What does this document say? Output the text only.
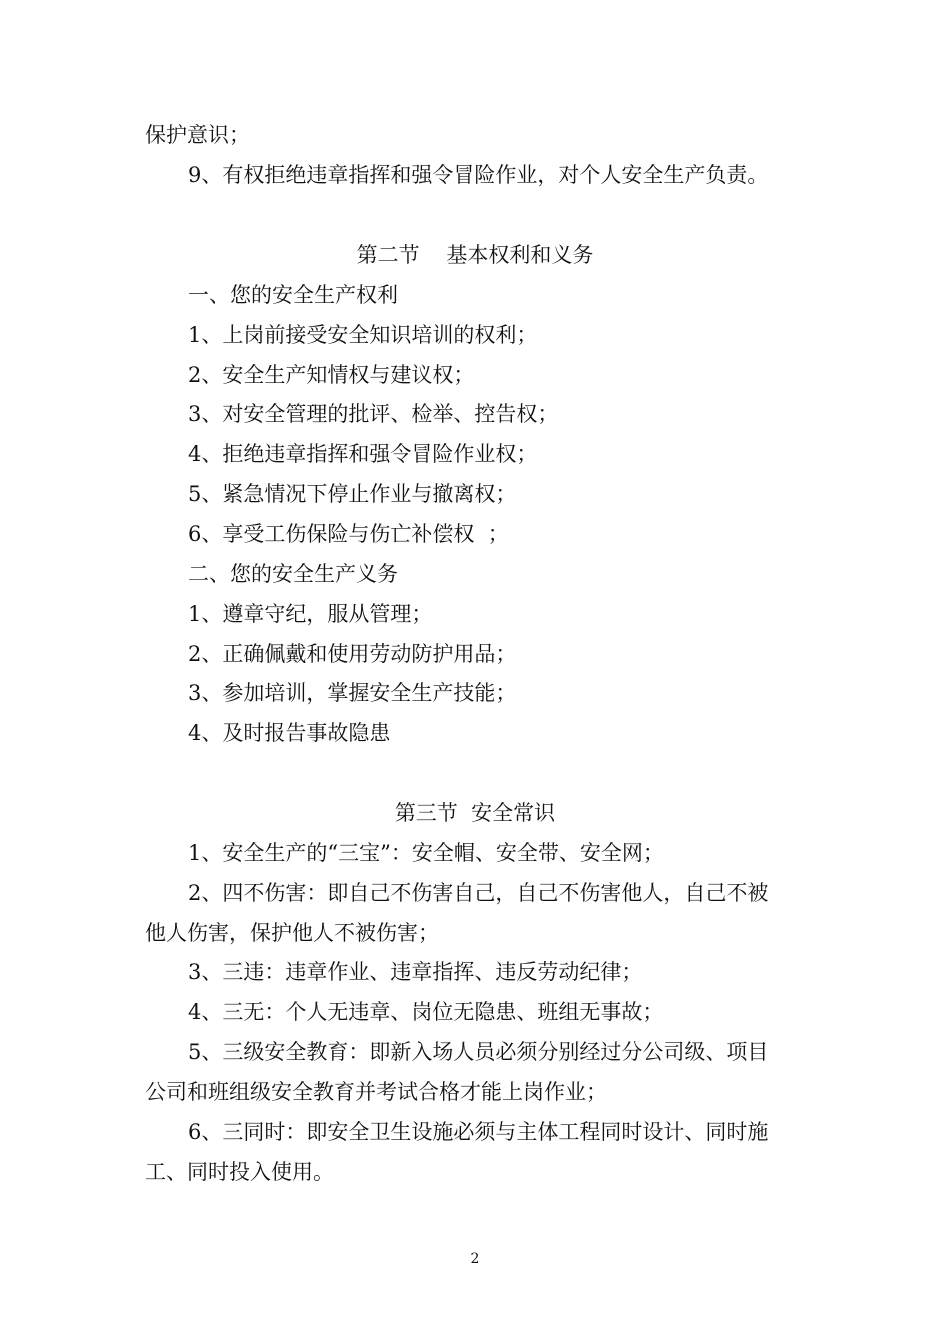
保护意识；
9、有权拒绝违章指挥和强令冒险作业，对个人安全生产负责。
第二节    基本权利和义务
一、您的安全生产权利
1、上岗前接受安全知识培训的权利；
2、安全生产知情权与建议权；
3、对安全管理的批评、检举、控告权；
4、拒绝违章指挥和强令冒险作业权；
5、紧急情况下停止作业与撤离权；
6、享受工伤保险与伤亡补偿权  ；
二、您的安全生产义务
1、遵章守纪，服从管理；
2、正确佩戴和使用劳动防护用品；
3、参加培训，掌握安全生产技能；
4、及时报告事故隐患
第三节  安全常识
1、安全生产的“三宝”：安全帽、安全带、安全网；
2、四不伤害：即自己不伤害自己，自己不伤害他人，自己不被
他人伤害，保护他人不被伤害；
3、三违：违章作业、违章指挥、违反劳动纪律；
4、三无：个人无违章、岗位无隐患、班组无事故；
5、三级安全教育：即新入场人员必须分别经过分公司级、项目
公司和班组级安全教育并考试合格才能上岗作业；
6、三同时：即安全卫生设施必须与主体工程同时设计、同时施
工、同时投入使用。
2
